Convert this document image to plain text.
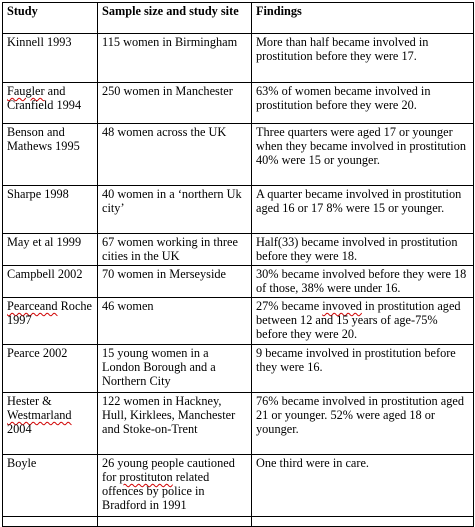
Study	Sample size and study site	Findings
Kinnell 1993	115 women in Birmingham	More than half became involved in prostitution before they were 17.
Faugler and Cranfield 1994	250 women in Manchester	63% of women became involved in prostitution before they were 20.
Benson and Mathews 1995	48 women across the UK	Three quarters were aged 17 or younger when they became involved in prostitution 40% were 15 or younger.
Sharpe 1998	40 women in a ‘northern Uk city’	A quarter became involved in prostitution aged 16 or 17 8% were 15 or younger.
May et al 1999	67 women working in three cities in the UK	Half(33) became involved in prostitution before they were 18.
Campbell 2002	70 women in Merseyside	30% became involved before they were 18 of those, 38% were under 16.
Pearceand Roche 1997	46 women	27% became invoved in prostitution aged between 12 and 15 years of age-75% before they were 20.
Pearce 2002	15 young women in a London Borough and a Northern City	9 became involved in prostitution before they were 16.
Hester & Westmarland 2004	122 women in Hackney, Hull, Kirklees, Manchester and Stoke-on-Trent	76% became involved in prostitution aged 21 or younger. 52% were aged 18 or younger.
Boyle	26 young people cautioned for prostituton related offences by police in Bradford in 1991	One third were in care.
